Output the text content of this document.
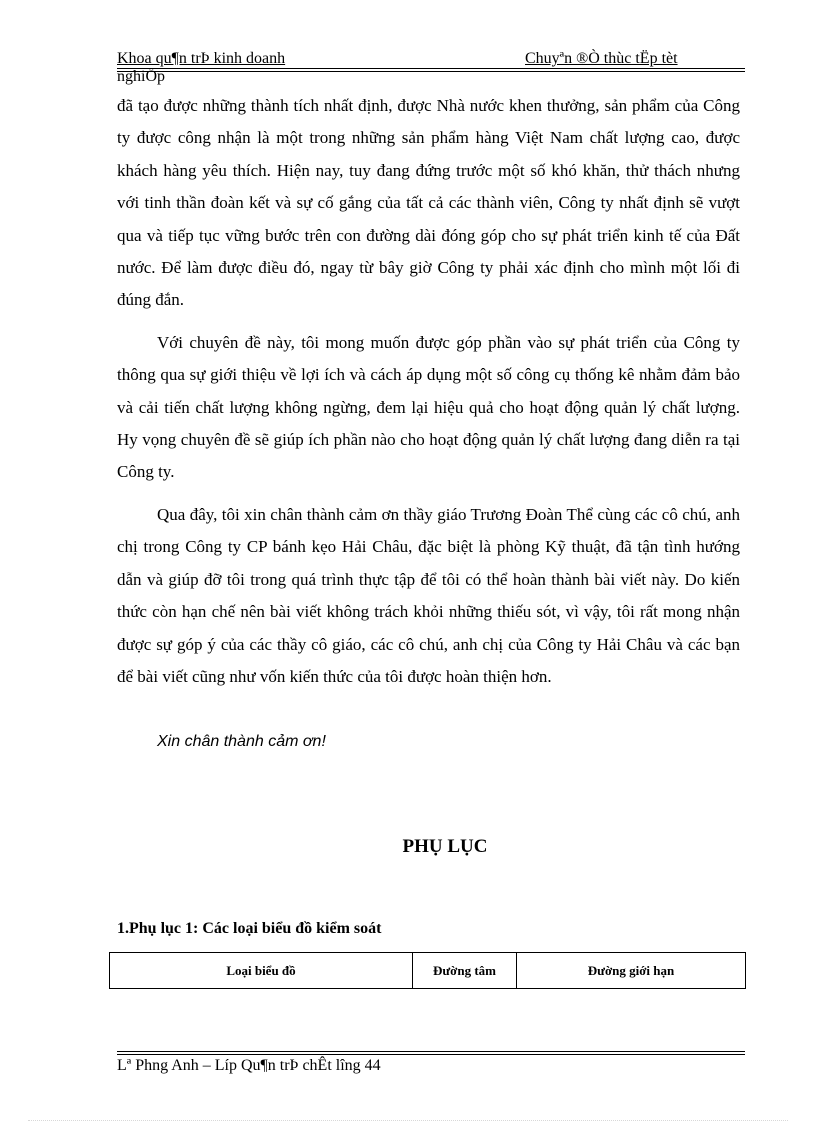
Khoa qu¶n trÞ kinh doanh
nghiÖp
Chuyªn ®Ò thùc tËp tèt

đã tạo được những thành tích nhất định, được Nhà nước khen thưởng, sản phẩm của Công ty được công nhận là một trong những sản phẩm hàng Việt Nam chất lượng cao, được khách hàng yêu thích. Hiện nay, tuy đang đứng trước một số khó khăn, thử thách nhưng với tinh thần đoàn kết và sự cố gắng của tất cả các thành viên, Công ty nhất định sẽ vượt qua và tiếp tục vững bước trên con đường dài đóng góp cho sự phát triển kinh tế của Đất nước. Để làm được điều đó, ngay từ bây giờ Công ty phải xác định cho mình một lối đi đúng đắn.

Với chuyên đề này, tôi mong muốn được góp phần vào sự phát triển của Công ty thông qua sự giới thiệu về lợi ích và cách áp dụng một số công cụ thống kê nhằm đảm bảo và cải tiến chất lượng không ngừng, đem lại hiệu quả cho hoạt động quản lý chất lượng. Hy vọng chuyên đề sẽ giúp ích phần nào cho hoạt động quản lý chất lượng đang diễn ra tại Công ty.

Qua đây, tôi xin chân thành cảm ơn thầy giáo Trương Đoàn Thể cùng các cô chú, anh chị trong Công ty CP bánh kẹo Hải Châu, đặc biệt là phòng Kỹ thuật, đã tận tình hướng dẫn và giúp đỡ tôi trong quá trình thực tập để tôi có thể hoàn thành bài viết này. Do kiến thức còn hạn chế nên bài viết không trách khỏi những thiếu sót, vì vậy, tôi rất mong nhận được sự góp ý của các thầy cô giáo, các cô chú, anh chị của Công ty Hải Châu và các bạn để bài viết cũng như vốn kiến thức của tôi được hoàn thiện hơn.

Xin chân thành cảm ơn!
PHỤ LỤC
1.Phụ lục 1: Các loại biểu đồ kiểm soát
Loại biểu đồ	Đường tâm	Đường giới hạn
Lª Phng Anh – Líp Qu¶n trÞ chÊt lîng 44
